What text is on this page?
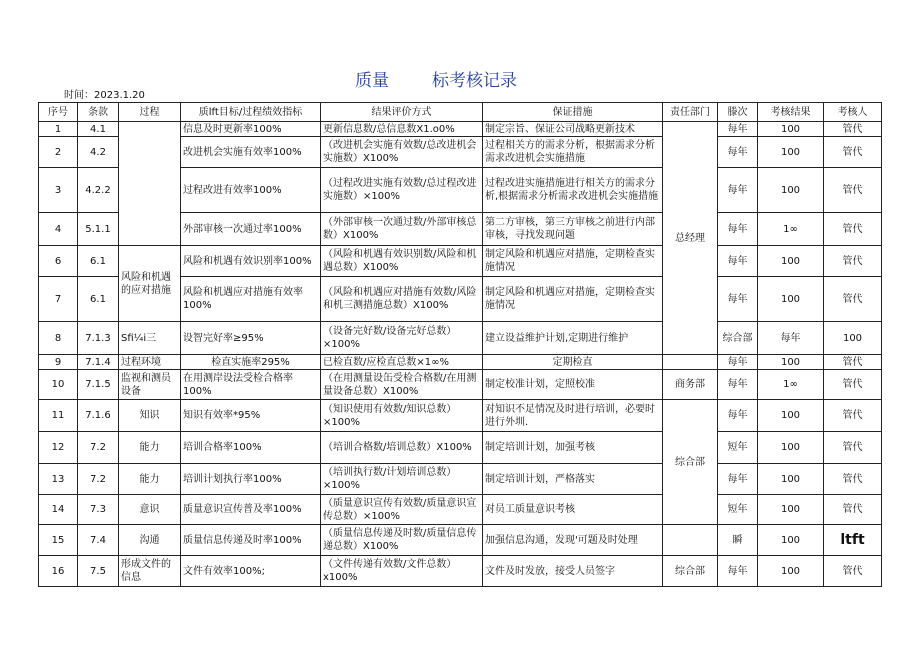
质量	标考核记录
时间：2023.1.20
序号	条款	过程	质lft目标/过程绩效指标	结果评价方式	保证措施	责任部门	滕次	考核结果	考核人	
1	4.1		信息及时更新率100%	更新信息数/总信息数X1.o0%	制定宗旨、保证公司战略更新技术	总经理	每年	100	管代	
2	4.2		改进机会实施有效率100%	（改进机会实施有效数/总改进机会实施数）X100%	过程相关方的需求分析，根据需求分析需求改进机会实施措施		每年	100	管代	
3	4.2.2		过程改进有效率100%	（过程改进实施有效数/总过程改进实施数）×100%	过程改进实施措施进行相关方的需求分析,根据需求分析需求改进机会实施措施		每年	100	管代	
4	5.1.1		外部审核一次通过率100%	（外部审核一次通过数/外部审核总数）X100%	第二方审核，第三方审核之前进行内部审核，寻找发现问题		每年	1∞	管代	
6	6.1	风险和机遇的应对措施	风险和机遇有效识别率100%	（风险和机遇有效识别数/风险和机遇总数）X100%	制定风险和机遇应对措施，定期检查实施情况		每年	100	管代	
7	6.1		风险和机遇应对措施有效率100%	（风险和机遇应对措施有效数/风险和机三测措施总数）X100%	制定风险和机遇应对措施，定期检查实施情况		每年	100	管代	
8	7.1.3	Sfi¼i三	设智完好率≥95%	（设备完好数/设备完好总数）×100%	建立设益维护计划,定期进行维护		综合部	每年	100	
9	7.1.4	过程环境	检直实施率295%	已检直数/应检直总数×1∞%	定期检直		每年	100	管代	
10	7.1.5	监视和测员设备	在用测岸设法受检合格率100%	（在用测量设缶受检合格数/在用测量设备总数）X100%	制定校准计划，定照校准	商务部	每年	1∞	管代	
11	7.1.6	知识	知识有效率*95%	（知识使用有效数/知识总数）×100%	对知识不足情况及时进行培训，必要时进行外圳.	综合部	每年	100	管代	
12	7.2	能力	培训合格率100%	（培训合格数/培训总数）X100%	制定培训计划，加强考核		短年	100	管代	
13	7.2	能力	培训计划执行率100%	（培训执行数/计划培训总数）×100%	制定培训计划，严格落实		每年	100	管代	
14	7.3	意识	质量意识宣传普及率100%	（质量意识宣传有效数/质量意识宣传总数）×100%	对员工质量意识考核		短年	100	管代	
15	7.4	沟通	质量信息传递及时率100%	（质量信息传递及时数/质量信息传递总数）X100%	加强信息沟通，发现'可题及时处理		瞬	100	ltft	
16	7.5	形成文件的信息	文件有效率100%;	（文件传递有效数/文件总数）x100%	文件及时发放，接受人员签字	综合部	每年	100	管代	
